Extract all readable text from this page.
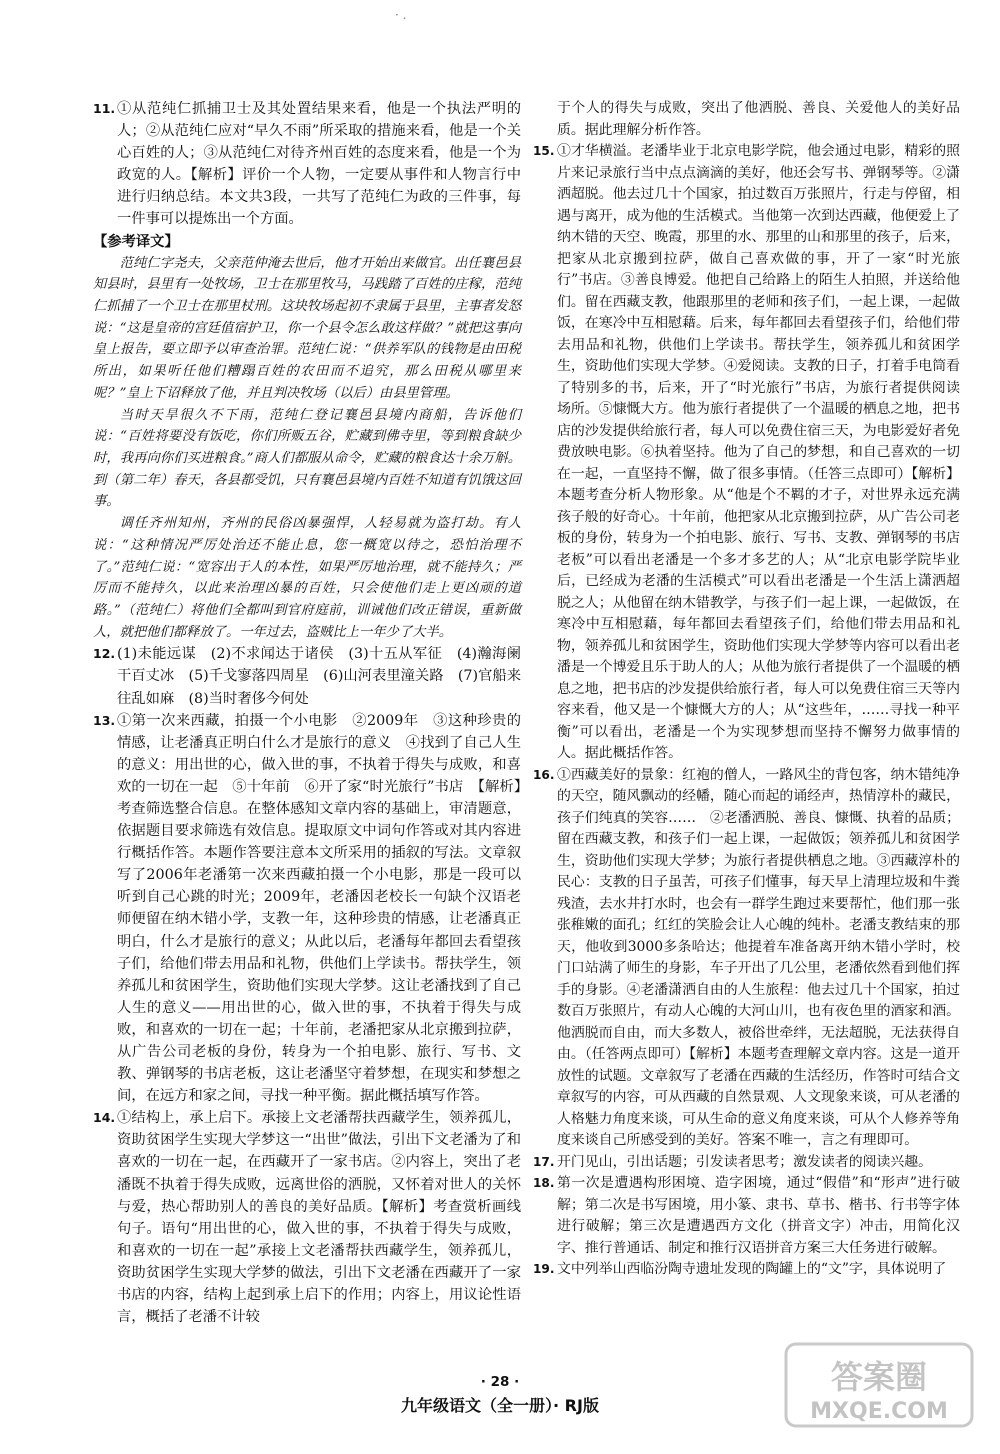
· .
11. ①从范纯仁抓捕卫士及其处置结果来看，他是一个执法严明的人；②从范纯仁应对“早久不雨”所采取的措施来看，他是一个关心百姓的人；③从范纯仁对待齐州百姓的态度来看，他是一个为政宽的人。【解析】评价一个人物，一定要从事件和人物言行中进行归纳总结。本文共3段，一共写了范纯仁为政的三件事，每一件事可以提炼出一个方面。

【参考译文】

范纯仁字尧夫，父亲范仲淹去世后，他才开始出来做官。出任襄邑县知县时，县里有一处牧场，卫士在那里牧马，马践踏了百姓的庄稼，范纯仁抓捕了一个卫士在那里杖刑。这块牧场起初不隶属于县里，主事者发怒说：“这是皇帝的宫廷值宿护卫，你一个县令怎么敢这样做？”就把这事向皇上报告，要立即予以审查治罪。范纯仁说：“供养军队的钱物是由田税所出，如果听任他们糟蹋百姓的农田而不追究，那么田税从哪里来呢？”皇上下诏释放了他，并且判决牧场（以后）由县里管理。

当时天旱很久不下雨，范纯仁登记襄邑县境内商船，告诉他们说：“百姓将要没有饭吃，你们所贩五谷，贮藏到佛寺里，等到粮食缺少时，我再向你们买进粮食。”商人们都服从命令，贮藏的粮食达十余万斛。到（第二年）春天，各县都受饥，只有襄邑县境内百姓不知道有饥饿这回事。

调任齐州知州，齐州的民俗凶暴强悍，人轻易就为盗打劫。有人说：“这种情况严厉处治还不能止息，您一概宽以待之，恐怕治理不了。”范纯仁说：“宽容出于人的本性，如果严厉地治理，就不能持久；严厉而不能持久，以此来治理凶暴的百姓，只会使他们走上更凶顽的道路。”（范纯仁）将他们全都叫到官府庭前，训诫他们改正错误，重新做人，就把他们都释放了。一年过去，盗贼比上一年少了大半。

12. (1)未能远谋　(2)不求闻达于诸侯　(3)十五从军征　(4)瀚海阑干百丈冰　(5)千戈寥落四周星　(6)山河表里潼关路　(7)官船来往乱如麻　(8)当时奢侈今何处
13. ①第一次来西藏，拍摄一个小电影　②2009年　③这种珍贵的情感，让老潘真正明白什么才是旅行的意义　④找到了自己人生的意义：用出世的心，做入世的事，不执着于得失与成败，和喜欢的一切在一起　⑤十年前　⑥开了家“时光旅行”书店　【解析】考查筛选整合信息。在整体感知文章内容的基础上，审清题意，依据题目要求筛选有效信息。提取原文中词句作答或对其内容进行概括作答。本题作答要注意本文所采用的插叙的写法。文章叙写了2006年老潘第一次来西藏拍摄一个小电影，那是一段可以听到自己心跳的时光；2009年，老潘因老校长一句缺个汉语老师便留在纳木错小学，支教一年，这种珍贵的情感，让老潘真正明白，什么才是旅行的意义；从此以后，老潘每年都回去看望孩子们，给他们带去用品和礼物，供他们上学读书。帮扶学生，领养孤儿和贫困学生，资助他们实现大学梦。这让老潘找到了自己人生的意义——用出世的心，做入世的事，不执着于得失与成败，和喜欢的一切在一起；十年前，老潘把家从北京搬到拉萨，从广告公司老板的身份，转身为一个拍电影、旅行、写书、文教、弹钢琴的书店老板，这让老潘坚守着梦想，在现实和梦想之间，在远方和家之间，寻找一种平衡。据此概括填写作答。
14. ①结构上，承上启下。承接上文老潘帮扶西藏学生，领养孤儿，资助贫困学生实现大学梦这一“出世”做法，引出下文老潘为了和喜欢的一切在一起，在西藏开了一家书店。②内容上，突出了老潘既不执着于得失成败，远离世俗的洒脱，又怀着对世人的关怀与爱，热心帮助别人的善良的美好品质。【解析】考查赏析画线句子。语句“用出世的心，做入世的事，不执着于得失与成败，和喜欢的一切在一起”承接上文老潘帮扶西藏学生，领养孤儿，资助贫困学生实现大学梦的做法，引出下文老潘在西藏开了一家书店的内容，结构上起到承上启下的作用；内容上，用议论性语言，概括了老潘不计较
于个人的得失与成败，突出了他洒脱、善良、关爱他人的美好品质。据此理解分析作答。
15. ①才华横溢。老潘毕业于北京电影学院，他会通过电影，精彩的照片来记录旅行当中点点滴滴的美好，他还会写书、弹钢琴等。②潇洒超脱。他去过几十个国家，拍过数百万张照片，行走与停留，相遇与离开，成为他的生活模式。当他第一次到达西藏，他便爱上了纳木错的天空、晚霞，那里的水、那里的山和那里的孩子，后来，把家从北京搬到拉萨，做自己喜欢做的事，开了一家“时光旅行”书店。③善良博爱。他把自己给路上的陌生人拍照，并送给他们。留在西藏支教，他跟那里的老师和孩子们，一起上课，一起做饭，在寒冷中互相慰藉。后来，每年都回去看望孩子们，给他们带去用品和礼物，供他们上学读书。帮扶学生，领养孤儿和贫困学生，资助他们实现大学梦。④爱阅读。支教的日子，打着手电筒看了特别多的书，后来，开了“时光旅行”书店，为旅行者提供阅读场所。⑤慷慨大方。他为旅行者提供了一个温暖的栖息之地，把书店的沙发提供给旅行者，每人可以免费住宿三天，为电影爱好者免费放映电影。⑥执着坚持。他为了自己的梦想，和自己喜欢的一切在一起，一直坚持不懈，做了很多事情。（任答三点即可）【解析】本题考查分析人物形象。从“他是个不羁的才子，对世界永远充满孩子般的好奇心。十年前，他把家从北京搬到拉萨，从广告公司老板的身份，转身为一个拍电影、旅行、写书、支教、弹钢琴的书店老板”可以看出老潘是一个多才多艺的人；从“北京电影学院毕业后，已经成为老潘的生活模式”可以看出老潘是一个生活上潇洒超脱之人；从他留在纳木错教学，与孩子们一起上课，一起做饭，在寒冷中互相慰藉，每年都回去看望孩子们，给他们带去用品和礼物，领养孤儿和贫困学生，资助他们实现大学梦等内容可以看出老潘是一个博爱且乐于助人的人；从他为旅行者提供了一个温暖的栖息之地，把书店的沙发提供给旅行者，每人可以免费住宿三天等内容来看，他又是一个慷慨大方的人；从“这些年，……寻找一种平衡”可以看出，老潘是一个为实现梦想而坚持不懈努力做事情的人。据此概括作答。
16. ①西藏美好的景象：红袍的僧人，一路风尘的背包客，纳木错纯净的天空，随风飘动的经幡，随心而起的诵经声，热情淳朴的藏民，孩子们纯真的笑容……　②老潘洒脱、善良、慷慨、执着的品质；留在西藏支教，和孩子们一起上课，一起做饭；领养孤儿和贫困学生，资助他们实现大学梦；为旅行者提供栖息之地。③西藏淳朴的民心：支教的日子虽苦，可孩子们懂事，每天早上清理垃圾和牛粪残渣，去水井打水时，也会有一群学生跑过来要帮忙，他们那一张张稚嫩的面孔；红红的笑脸会让人心魄的纯朴。老潘支教结束的那天，他收到3000多条哈达；他提着车准备离开纳木错小学时，校门口站满了师生的身影，车子开出了几公里，老潘依然看到他们挥手的身影。④老潘潇洒自由的人生旅程：他去过几十个国家，拍过数百万张照片，有动人心魄的大河山川，也有夜色里的酒家和酒。他洒脱而自由，而大多数人，被俗世牵绊，无法超脱，无法获得自由。（任答两点即可）【解析】本题考查理解文章内容。这是一道开放性的试题。文章叙写了老潘在西藏的生活经历，作答时可结合文章叙写的内容，可从西藏的自然景观、人文现象来谈，可从老潘的人格魅力角度来谈，可从生命的意义角度来谈，可从个人修养等角度来谈自己所感受到的美好。答案不唯一，言之有理即可。
17. 开门见山，引出话题；引发读者思考；激发读者的阅读兴趣。
18. 第一次是遭遇构形困境、造字困境，通过“假借”和“形声”进行破解；第二次是书写困境，用小篆、隶书、草书、楷书、行书等字体进行破解；第三次是遭遇西方文化（拼音文字）冲击，用简化汉字、推行普通话、制定和推行汉语拼音方案三大任务进行破解。
19. 文中列举山西临汾陶寺遗址发现的陶罐上的“文”字，具体说明了
· 28 ·
九年级语文（全一册）· RJ版
答案圈
MXQE.COM
